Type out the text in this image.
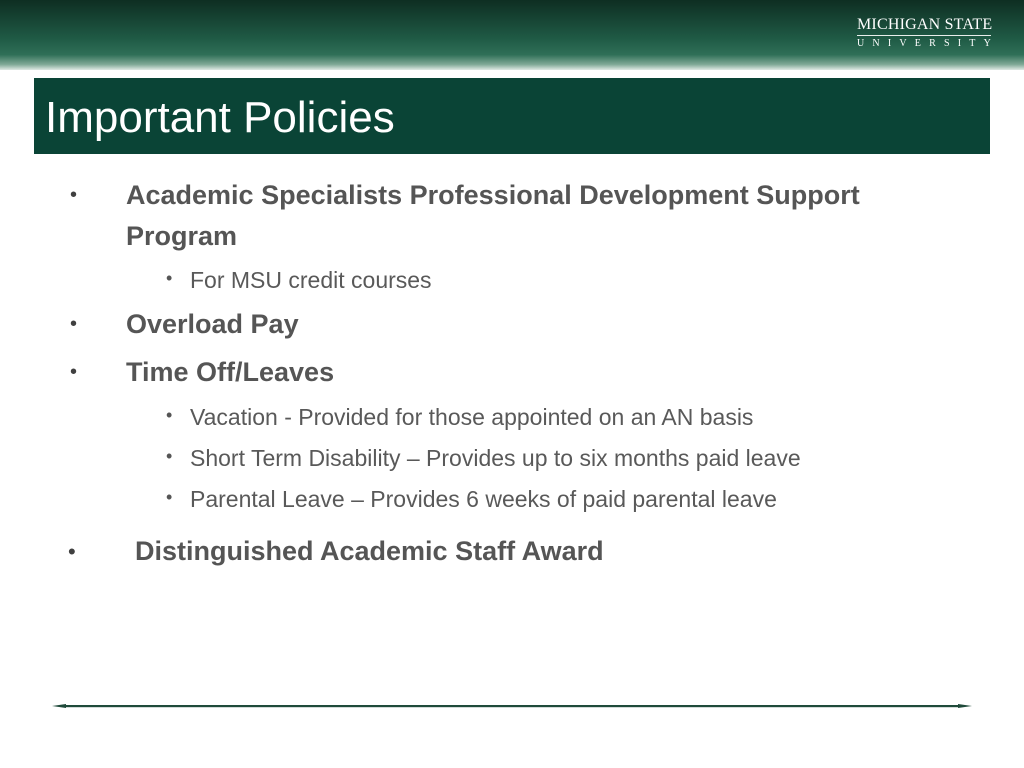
MICHIGAN STATE
UNIVERSITY
Important Policies
• Academic Specialists Professional Development Support
Program
• For MSU credit courses
• Overload Pay
• Time Off/Leaves
• Vacation - Provided for those appointed on an AN basis
• Short Term Disability – Provides up to six months paid leave
• Parental Leave – Provides 6 weeks of paid parental leave
• Distinguished Academic Staff Award
